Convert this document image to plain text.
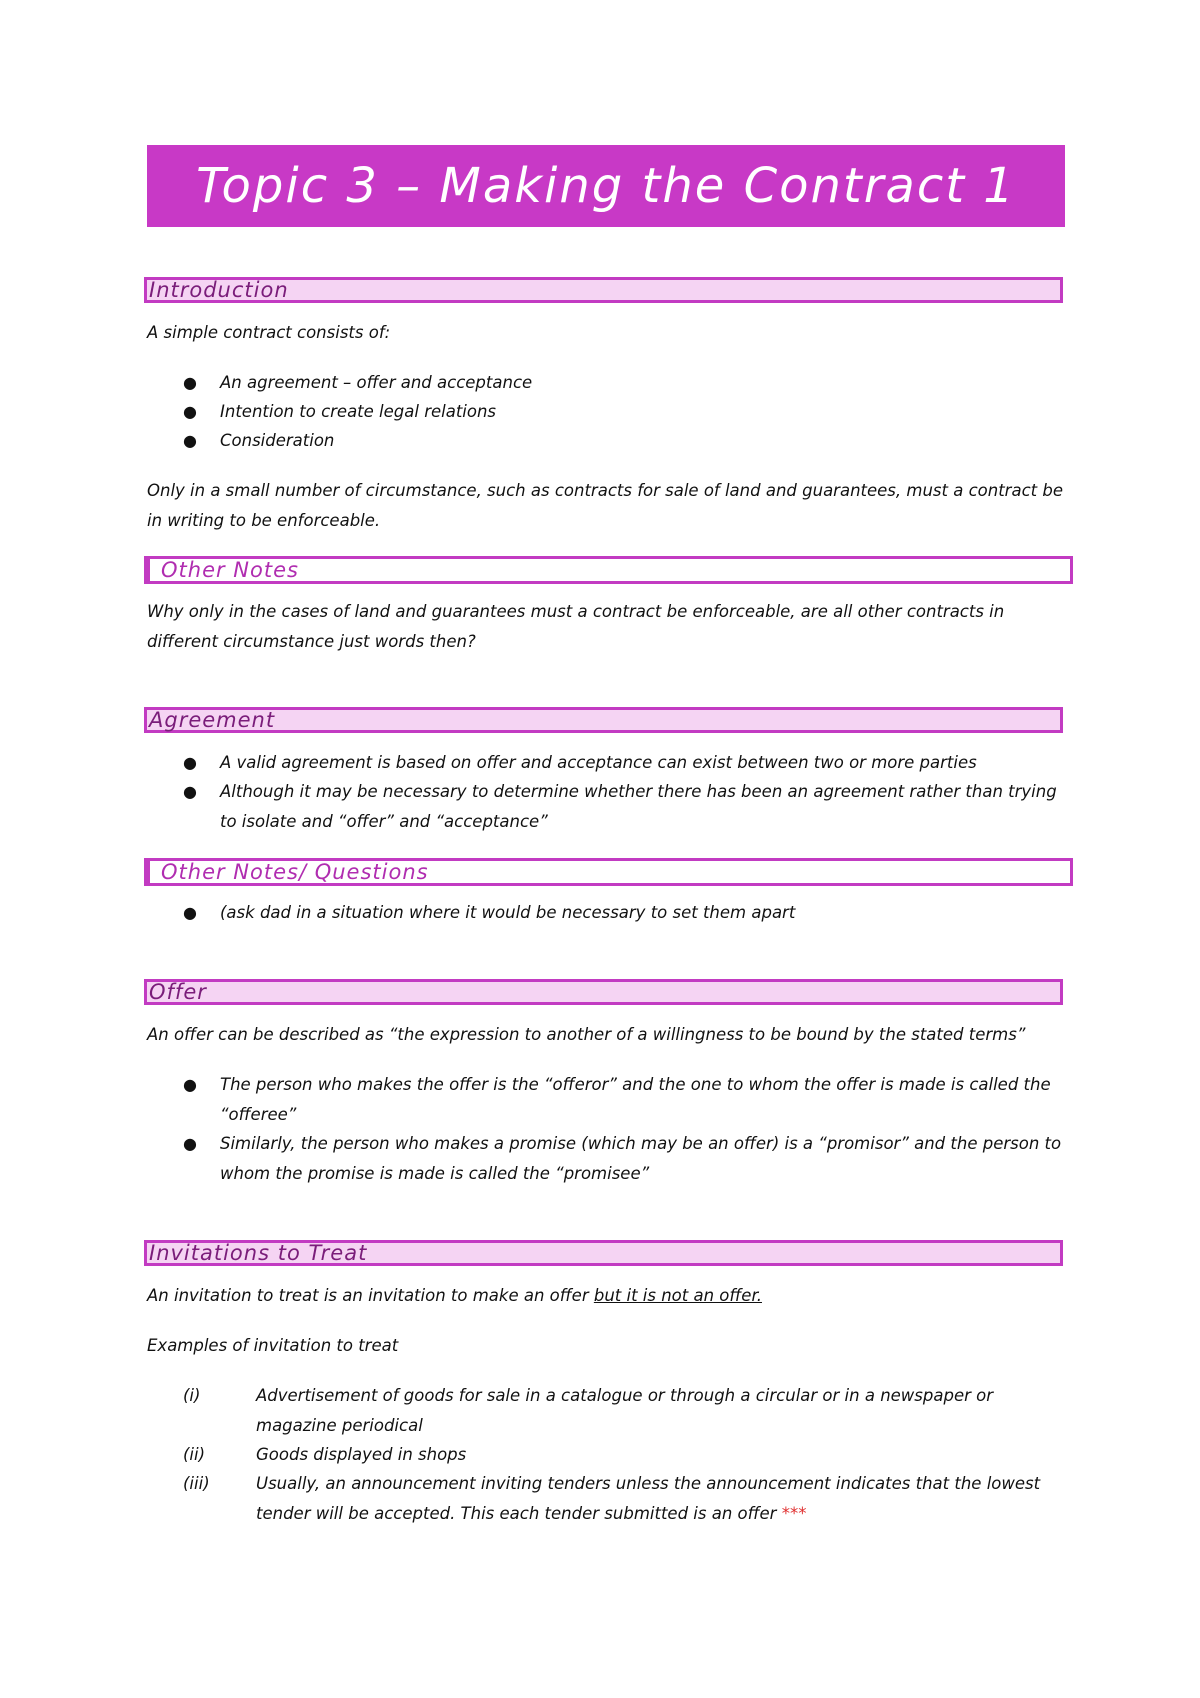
Topic 3 – Making the Contract 1
Introduction

A simple contract consists of:

● An agreement – offer and acceptance
● Intention to create legal relations
● Consideration

Only in a small number of circumstance, such as contracts for sale of land and guarantees, must a contract be in writing to be enforceable.

Other Notes

Why only in the cases of land and guarantees must a contract be enforceable, are all other contracts in different circumstance just words then?

Agreement
● A valid agreement is based on offer and acceptance can exist between two or more parties
● Although it may be necessary to determine whether there has been an agreement rather than trying to isolate and “offer” and “acceptance”
Other Notes/ Questions
● (ask dad in a situation where it would be necessary to set them apart
Offer

An offer can be described as “the expression to another of a willingness to be bound by the stated terms”

● The person who makes the offer is the “offeror” and the one to whom the offer is made is called the “offeree”
● Similarly, the person who makes a promise (which may be an offer) is a “promisor” and the person to whom the promise is made is called the “promisee”
Invitations to Treat

An invitation to treat is an invitation to make an offer but it is not an offer.

Examples of invitation to treat

(i)	Advertisement of goods for sale in a catalogue or through a circular or in a newspaper or magazine periodical
(ii)	Goods displayed in shops
(iii)	Usually, an announcement inviting tenders unless the announcement indicates that the lowest tender will be accepted. This each tender submitted is an offer ***
